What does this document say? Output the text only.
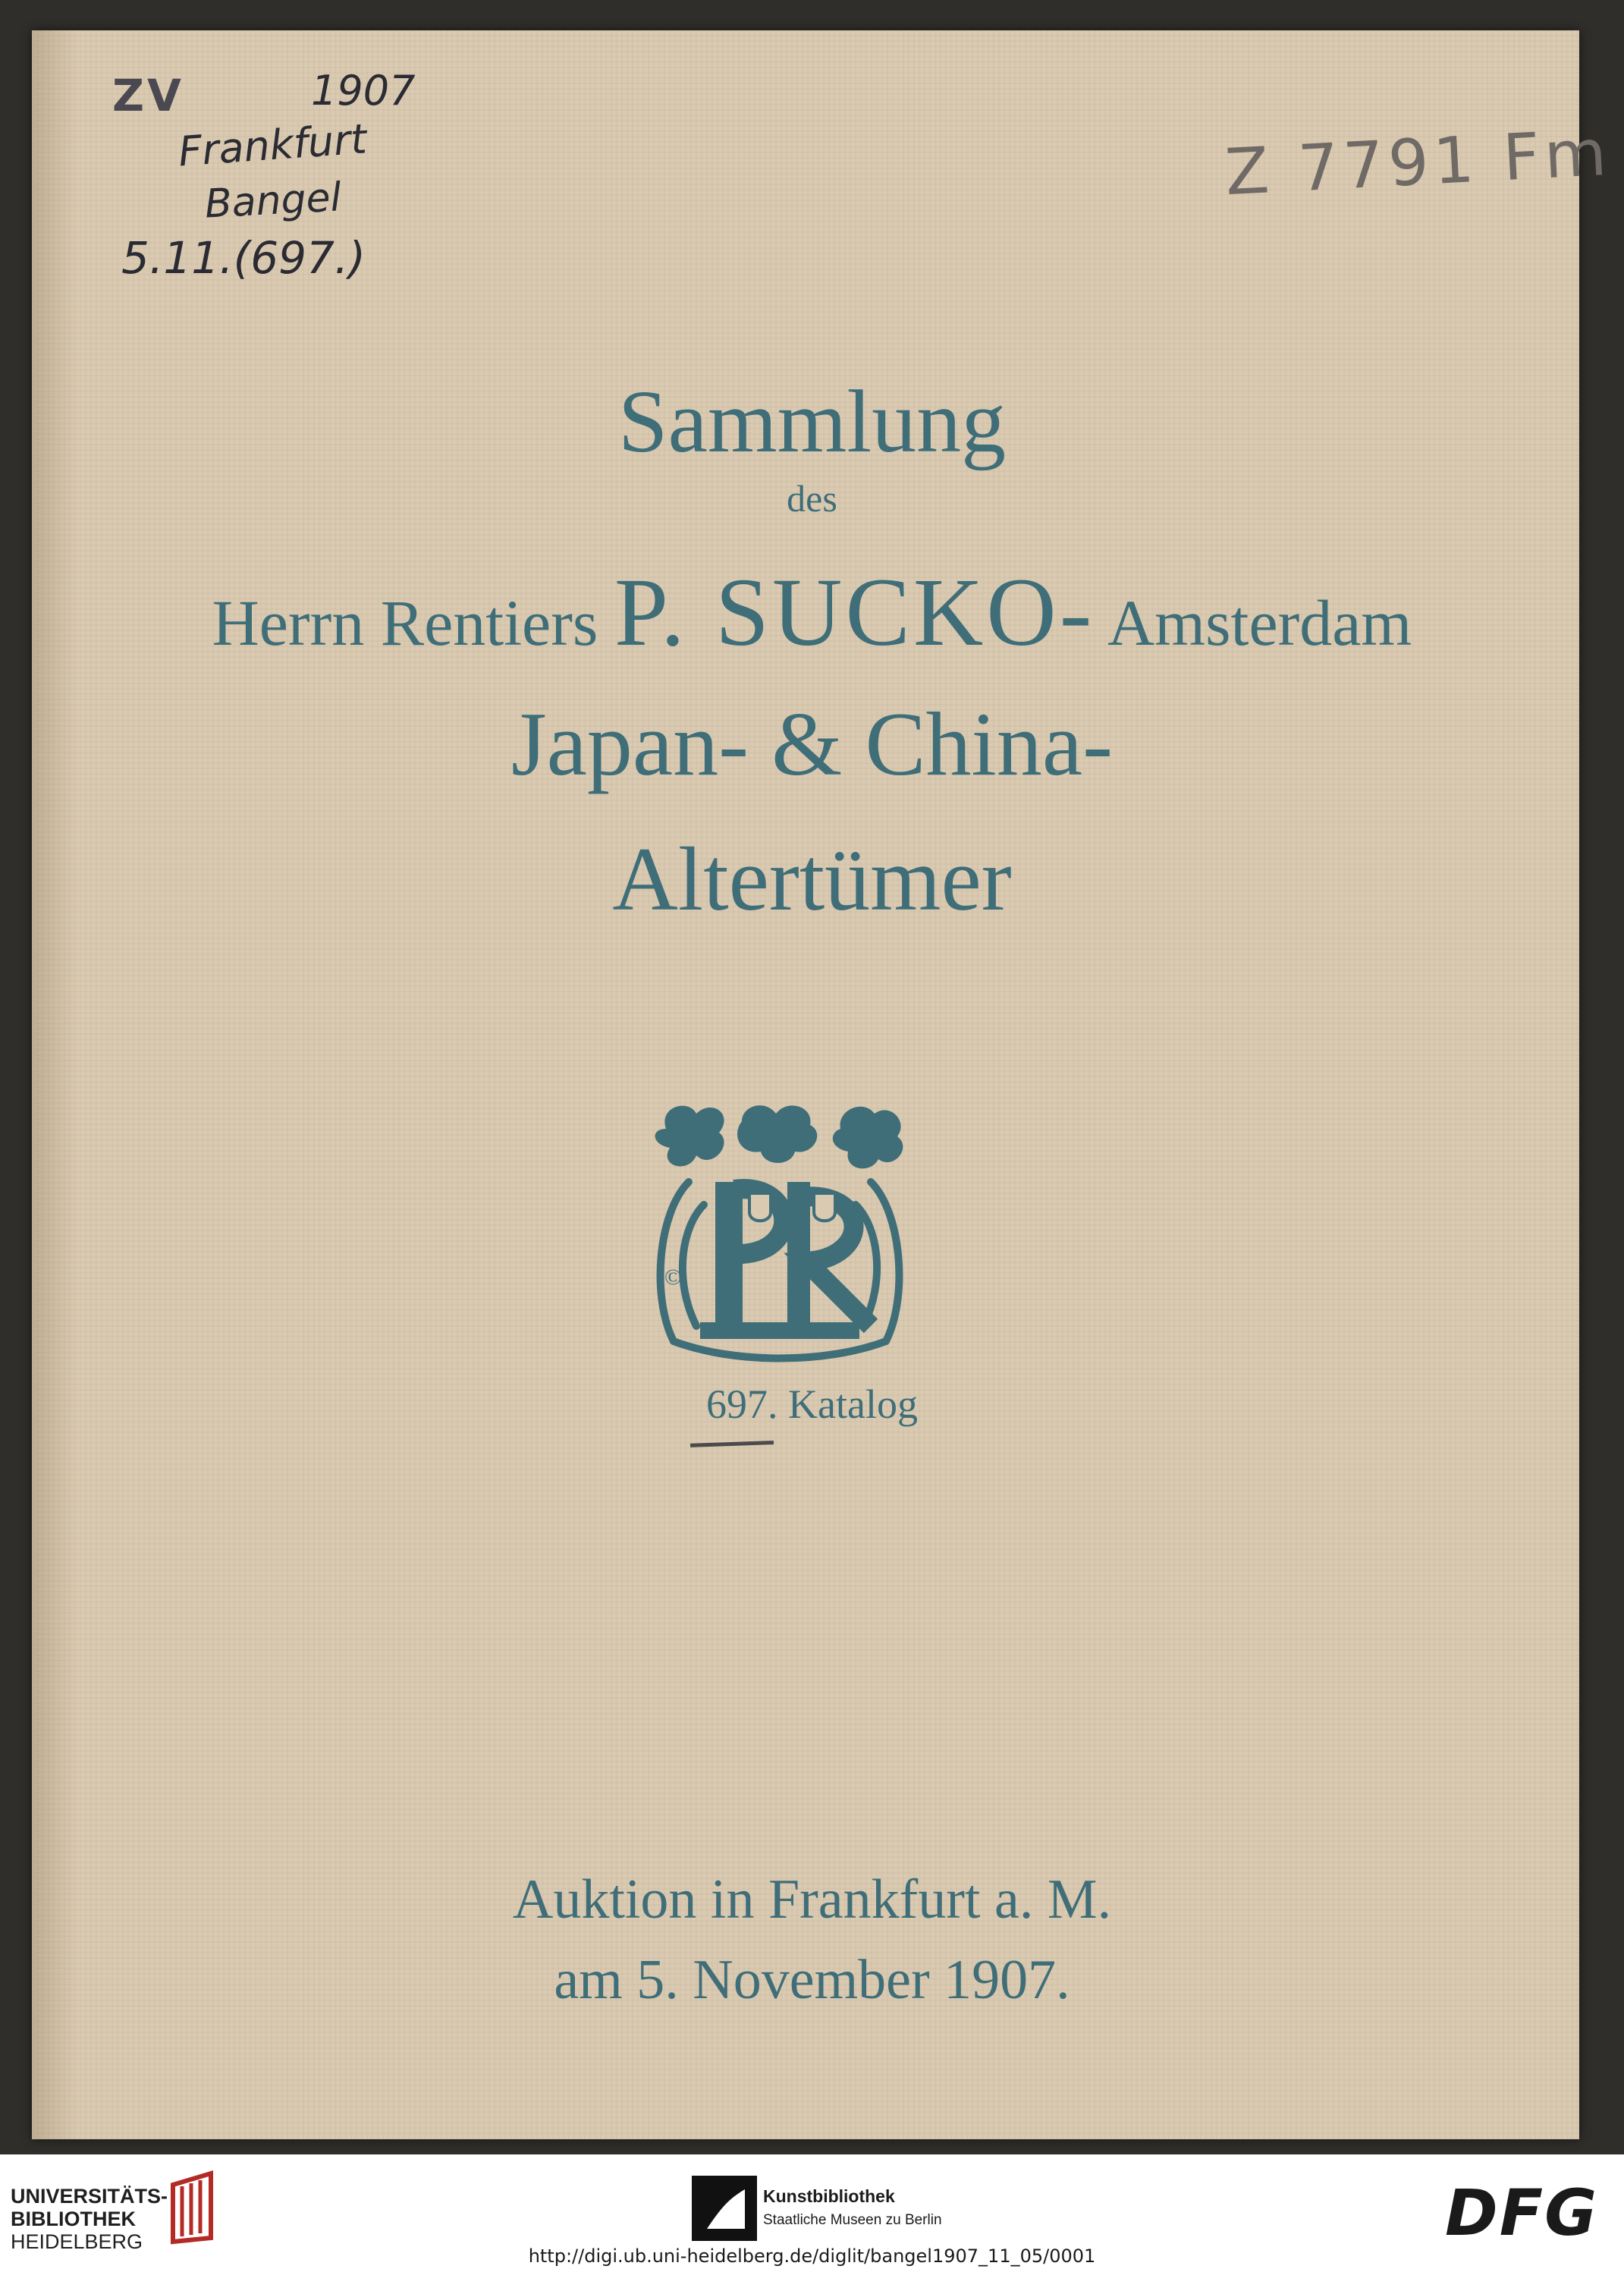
ZV	1907
Frankfurt
Bangel
5.11.(697.)
Z 7791 Fm
Sammlung
des
Herrn Rentiers P. SUCKO- Amsterdam
Japan- & China-
Altertümer
©
697. Katalog
Auktion in Frankfurt a. M.
am 5. November 1907.
UNIVERSITÄTS-
BIBLIOTHEK
HEIDELBERG
Kunstbibliothek
Staatliche Museen zu Berlin	DFG
http://digi.ub.uni-heidelberg.de/diglit/bangel1907_11_05/0001
